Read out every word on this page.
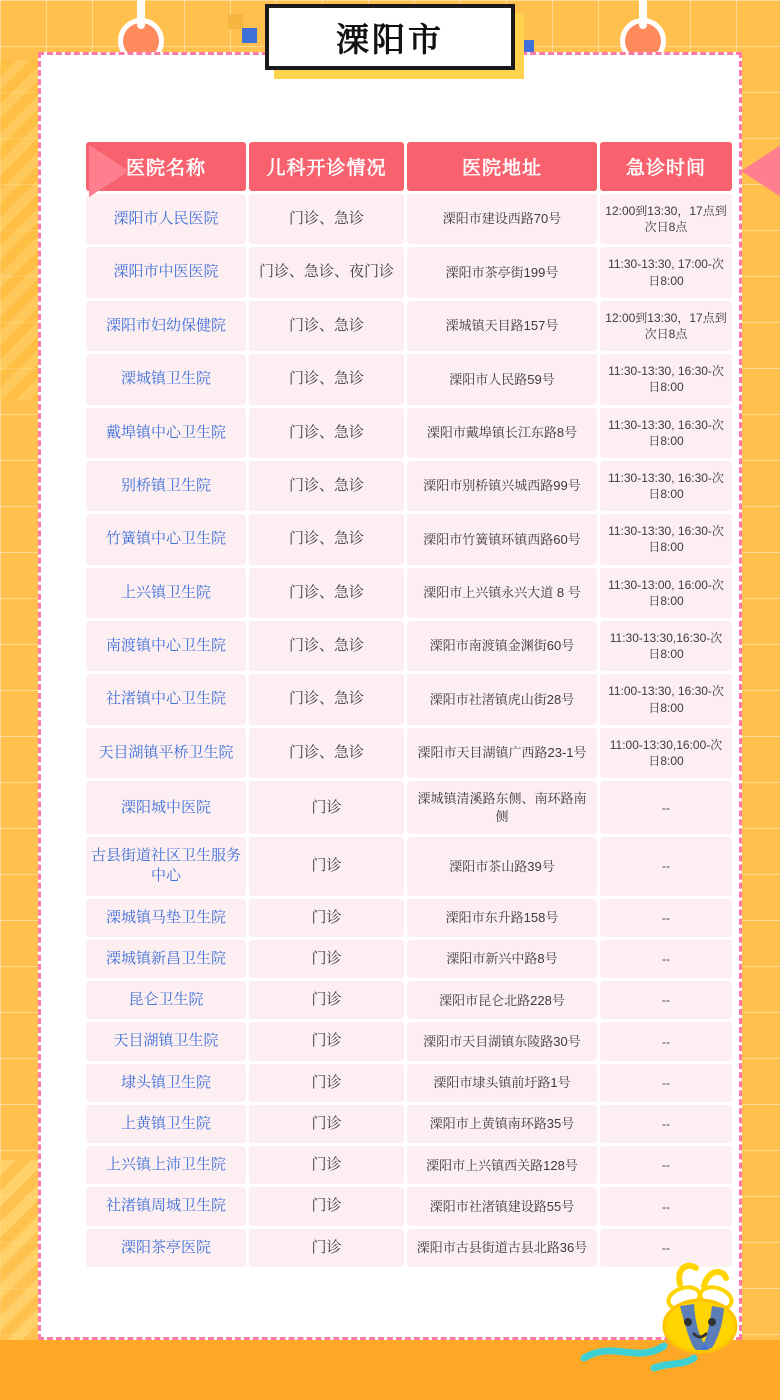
溧阳市
医院名称	儿科开诊情况	医院地址	急诊时间
溧阳市人民医院	门诊、急诊	溧阳市建设西路70号	12:00到13:30，17点到次日8点
溧阳市中医医院	门诊、急诊、夜门诊	溧阳市茶亭街199号	11:30-13:30, 17:00-次日8:00
溧阳市妇幼保健院	门诊、急诊	溧城镇天目路157号	12:00到13:30，17点到次日8点
溧城镇卫生院	门诊、急诊	溧阳市人民路59号	11:30-13:30, 16:30-次日8:00
戴埠镇中心卫生院	门诊、急诊	溧阳市戴埠镇长江东路8号	11:30-13:30, 16:30-次日8:00
别桥镇卫生院	门诊、急诊	溧阳市别桥镇兴城西路99号	11:30-13:30, 16:30-次日8:00
竹簧镇中心卫生院	门诊、急诊	溧阳市竹簧镇环镇西路60号	11:30-13:30, 16:30-次日8:00
上兴镇卫生院	门诊、急诊	溧阳市上兴镇永兴大道 8 号	11:30-13:00, 16:00-次日8:00
南渡镇中心卫生院	门诊、急诊	溧阳市南渡镇金渊街60号	11:30-13:30,16:30-次日8:00
社渚镇中心卫生院	门诊、急诊	溧阳市社渚镇虎山街28号	11:00-13:30, 16:30-次日8:00
天目湖镇平桥卫生院	门诊、急诊	溧阳市天目湖镇广西路23-1号	11:00-13:30,16:00-次日8:00
溧阳城中医院	门诊	溧城镇清溪路东侧、南环路南侧	--
古县街道社区卫生服务中心	门诊	溧阳市茶山路39号	--
溧城镇马垫卫生院	门诊	溧阳市东升路158号	--
溧城镇新昌卫生院	门诊	溧阳市新兴中路8号	--
昆仑卫生院	门诊	溧阳市昆仑北路228号	--
天目湖镇卫生院	门诊	溧阳市天目湖镇东陵路30号	--
埭头镇卫生院	门诊	溧阳市埭头镇前圩路1号	--
上黄镇卫生院	门诊	溧阳市上黄镇南环路35号	--
上兴镇上沛卫生院	门诊	溧阳市上兴镇西关路128号	--
社渚镇周城卫生院	门诊	溧阳市社渚镇建设路55号	--
溧阳茶亭医院	门诊	溧阳市古县街道古县北路36号	--
